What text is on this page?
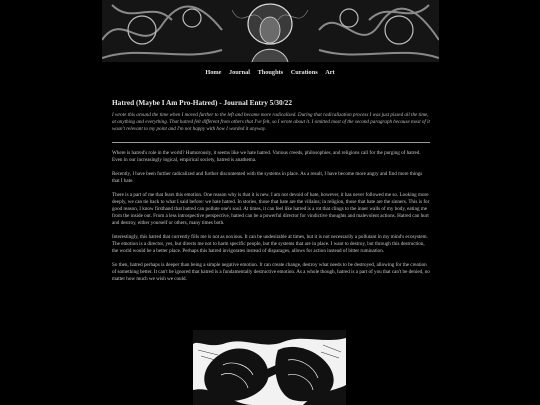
Home Journal Thoughts Curations Art
Hatred (Maybe I Am Pro-Hatred) - Journal Entry 5/30/22

I wrote this around the time when I moved further to the left and became more radicalized. During that radicalization process I was just pissed all the time, at anything and everything. That hatred felt different from others that I've felt, so I wrote about it. I omitted most of the second paragraph because most of it wasn't relevant to my point and I'm not happy with how I worded it anyway.

Where is hatred's role in the world? Humorously, it seems like we hate hatred. Various creeds, philosophies, and religions call for the purging of hatred. Even in our increasingly logical, empirical society, hatred is anathema.

Recently, I have been further radicalized and further discontented with the systems in place. As a result, I have become more angry and find more things that I hate.

There is a part of me that fears this emotion. One reason why is that it is new. I am not devoid of hate, however, it has never followed me so. Looking more deeply, we can tie back to what I said before: we hate hatred. In stories, those that hate are the villains; in religion, those that hate are the sinners. This is for good reason, I know firsthand that hatred can pollute one's soul. At times, it can feel like hatred is a rot that clings to the inner walls of my body, eating me from the inside out. From a less introspective perspective, hatred can be a powerful director for vindictive thoughts and malevolent actions. Hatred can hurt and destroy, either yourself or others, many times both.

Interestingly, this hatred that currently fills me is not as noxious. It can be undesirable at times, but it is not necessarily a pollutant in my mind's ecosystem. The emotion is a director, yes, but directs me not to harm specific people, but the systems that are in place. I want to destroy, but through this destruction, the world would be a better place. Perhaps this hatred invigorates instead of disparages, allows for action instead of bitter rumination.

So then, hatred perhaps is deeper than being a simple negative emotion. It can create change, destroy what needs to be destroyed, allowing for the creation of something better. It can't be ignored that hatred is a fundamentally destructive emotion. As a whole though, hatred is a part of you that can't be denied, no matter how much we wish we could.
